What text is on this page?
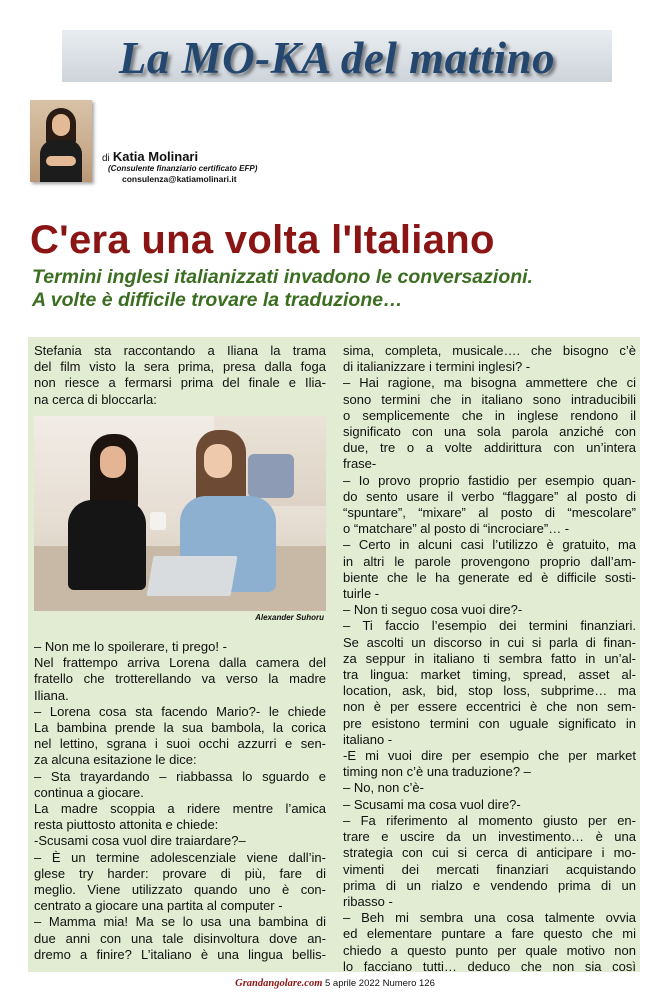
La MO-KA del mattino
di Katia Molinari
(Consulente finanziario certificato EFP)
consulenza@katiamolinari.it
C'era una volta l'Italiano
Termini inglesi italianizzati invadono le conversazioni.
A volte è difficile trovare la traduzione…
Stefania sta raccontando a Iliana la trama
del film visto la sera prima, presa dalla foga
non riesce a fermarsi prima del finale e Ilia-
na cerca di bloccarla:
Alexander Suhoru
– Non me lo spoilerare, ti prego! -
Nel frattempo arriva Lorena dalla camera del
fratello che trotterellando va verso la madre
Iliana.
– Lorena cosa sta facendo Mario?- le chiede
La bambina prende la sua bambola, la corica
nel lettino, sgrana i suoi occhi azzurri e sen-
za alcuna esitazione le dice:
– Sta trayardando – riabbassa lo sguardo e
continua a giocare.
La madre scoppia a ridere mentre l’amica
resta piuttosto attonita e chiede:
-Scusami cosa vuol dire traiardare?–
– È un termine adolescenziale viene dall’in-
glese try harder: provare di più, fare di
meglio. Viene utilizzato quando uno è con-
centrato a giocare una partita al computer -
– Mamma mia! Ma se lo usa una bambina di
due anni con una tale disinvoltura dove an-
dremo a finire? L’italiano è una lingua bellis-
sima, completa, musicale…. che bisogno c’è
di italianizzare i termini inglesi? -
– Hai ragione, ma bisogna ammettere che ci
sono termini che in italiano sono intraducibili
o semplicemente che in inglese rendono il
significato con una sola parola anziché con
due, tre o a volte addirittura con un’intera
frase-
– Io provo proprio fastidio per esempio quan-
do sento usare il verbo “flaggare” al posto di
“spuntare”, “mixare” al posto di “mescolare”
o “matchare” al posto di “incrociare”… -
– Certo in alcuni casi l’utilizzo è gratuito, ma
in altri le parole provengono proprio dall’am-
biente che le ha generate ed è difficile sosti-
tuirle -
– Non ti seguo cosa vuoi dire?-
– Ti faccio l’esempio dei termini finanziari.
Se ascolti un discorso in cui si parla di finan-
za seppur in italiano ti sembra fatto in un’al-
tra lingua: market timing, spread, asset al-
location, ask, bid, stop loss, subprime… ma
non è per essere eccentrici è che non sem-
pre esistono termini con uguale significato in
italiano -
-E mi vuoi dire per esempio che per market
timing non c’è una traduzione? –
– No, non c’è-
– Scusami ma cosa vuol dire?-
– Fa riferimento al momento giusto per en-
trare e uscire da un investimento… è una
strategia con cui si cerca di anticipare i mo-
vimenti dei mercati finanziari acquistando
prima di un rialzo e vendendo prima di un
ribasso -
– Beh mi sembra una cosa talmente ovvia
ed elementare puntare a fare questo che mi
chiedo a questo punto per quale motivo non
lo facciano tutti… deduco che non sia così
Grandangolare.com 5 aprile 2022 Numero 126
